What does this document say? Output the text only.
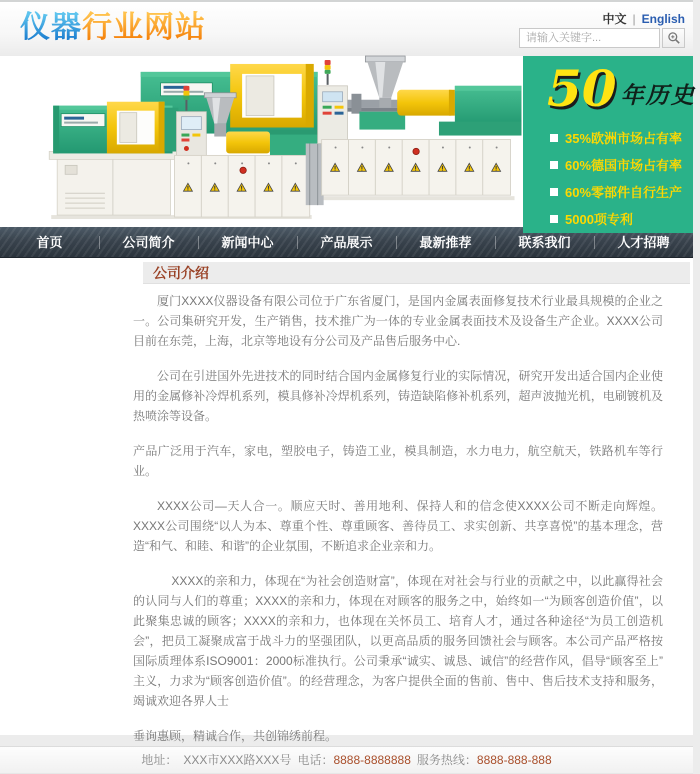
仪器行业网站	中文 | English
请输入关键字...
50 年历史
35%欧洲市场占有率
60%德国市场占有率
60%零部件自行生产
5000项专利
首页	公司简介	新闻中心	产品展示	最新推荐	联系我们	人才招聘
公司介绍

厦门XXXX仪器设备有限公司位于广东省厦门，是国内金属表面修复技术行业最具规模的企业之一。公司集研究开发，生产销售，技术推广为一体的专业金属表面技术及设备生产企业。XXXX公司目前在东莞，上海，北京等地设有分公司及产品售后服务中心.

公司在引进国外先进技术的同时结合国内金属修复行业的实际情况，研究开发出适合国内企业使用的金属修补冷焊机系列，模具修补冷焊机系列，铸造缺陷修补机系列，超声波抛光机，电刷镀机及热喷涂等设备。

产品广泛用于汽车，家电，塑胶电子，铸造工业，模具制造，水力电力，航空航天，铁路机车等行业。

XXXX公司—天人合一。顺应天时、善用地利、保持人和的信念使XXXX公司不断走向辉煌。XXXX公司围绕“以人为本、尊重个性、尊重顾客、善待员工、求实创新、共享喜悦”的基本理念，营造“和气、和睦、和谐”的企业氛围，不断追求企业亲和力。

XXXX的亲和力，体现在“为社会创造财富”，体现在对社会与行业的贡献之中，以此赢得社会的认同与人们的尊重；XXXX的亲和力，体现在对顾客的服务之中，始终如一“为顾客创造价值”，以此聚集忠诚的顾客；XXXX的亲和力，也体现在关怀员工、培育人才，通过各种途径“为员工创造机会”，把员工凝聚成富于战斗力的坚强团队，以更高品质的服务回馈社会与顾客。本公司产品严格按国际质理体系ISO9001：2000标准执行。公司秉承“诚实、诚恳、诚信”的经营作风，倡导“顾客至上”主义，力求为“顾客创造价值”。的经营理念，为客户提供全面的售前、售中、售后技术支持和服务，竭诚欢迎各界人士

垂询惠顾，精诚合作，共创锦绣前程。

地址： XXX市XXX路XXX号 电话：8888-8888888 服务热线：8888-888-888
